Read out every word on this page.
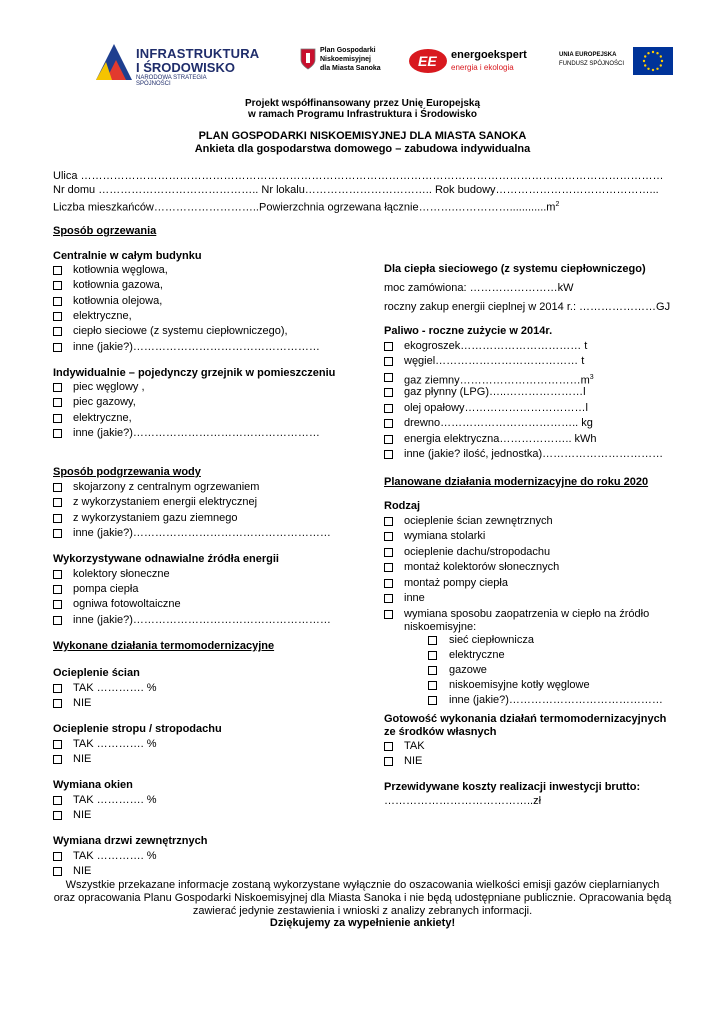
INFRASTRUKTURA
I ŚRODOWISKO
NARODOWA STRATEGIA SPÓJNOŚCI
Plan Gospodarki
Niskoemisyjnej
dla Miasta Sanoka	EE energoekspert
energia i ekologia
UNIA EUROPEJSKA
FUNDUSZ SPÓJNOŚCI
Projekt współfinansowany przez Unię Europejską
w ramach Programu Infrastruktura i Środowisko
PLAN GOSPODARKI NISKOEMISYJNEJ DLA MIASTA SANOKA
Ankieta dla gospodarstwa domowego – zabudowa indywidualna
Ulica ……………………………………………………………………………………………………………………………………………
Nr domu …………………………………….. Nr lokalu…………………………….. Rok budowy……………………………………...
Liczba mieszkańców………………………..Powierzchnia ogrzewana $łącznie\dots\dots\dots.\dots\dots\dots\dots\dots............m^2$
Sposób ogrzewania
Centralnie w całym budynku
kotłownia węglowa,
kotłownia gazowa,
kotłownia olejowa,
elektryczne,
ciepło sieciowe (z systemu ciepłowniczego),
inne (jakie?)……………………………………………
Indywidualnie – pojedynczy grzejnik w pomieszczeniu
piec węglowy ,
piec gazowy,
elektryczne,
inne (jakie?)……………………………………………
Sposób podgrzewania wody
skojarzony z centralnym ogrzewaniem
z wykorzystaniem energii elektrycznej
z wykorzystaniem gazu ziemnego
inne (jakie?)………………………………………………
Wykorzystywane odnawialne źródła energii
kolektory słoneczne
pompa ciepła
ogniwa fotowoltaiczne
inne (jakie?)………………………………………………
Wykonane działania termomodernizacyjne
Ocieplenie ścian
TAK …………. %
NIE
Ocieplenie stropu / stropodachu
TAK …………. %
NIE
Wymiana okien
TAK …………. %
NIE
Wymiana drzwi zewnętrznych
TAK …………. %
NIE
Dla ciepła sieciowego (z systemu ciepłowniczego)
moc zamówiona: ……………………kW
roczny zakup energii cieplnej w 2014 r.: …………………GJ
Paliwo - roczne zużycie w 2014r.
ekogroszek…………………………… t
węgiel………………………………… t
gaz $ziemny\dots\dots\dots\dots\dots\dots\dots\dots\dots\dots\dots m^3$
gaz płynny (LPG)…..…………………l
olej opałowy……………………………l
drewno……………………………….. kg
energia elektryczna……………….. kWh
inne (jakie? ilość, jednostka)……………………………
Planowane działania modernizacyjne do roku 2020
Rodzaj
ocieplenie ścian zewnętrznych
wymiana stolarki
ocieplenie dachu/stropodachu
montaż kolektorów słonecznych
montaż pompy ciepła
inne
wymiana sposobu zaopatrzenia w ciepło na źródło
niskoemisyjne:
sieć ciepłownicza
elektryczne
gazowe
niskoemisyjne kotły węglowe
inne (jakie?)……………………………………
Gotowość wykonania działań termomodernizacyjnych
ze środków własnych
TAK
NIE
Przewidywane koszty realizacji inwestycji brutto:
…………………………………..zł
Wszystkie przekazane informacje zostaną wykorzystane wyłącznie do oszacowania wielkości emisji gazów cieplarnianych
oraz opracowania Planu Gospodarki Niskoemisyjnej dla Miasta Sanoka i nie będą udostępniane publicznie. Opracowania będą
zawierać jedynie zestawienia i wnioski z analizy zebranych informacji.
Dziękujemy za wypełnienie ankiety!
